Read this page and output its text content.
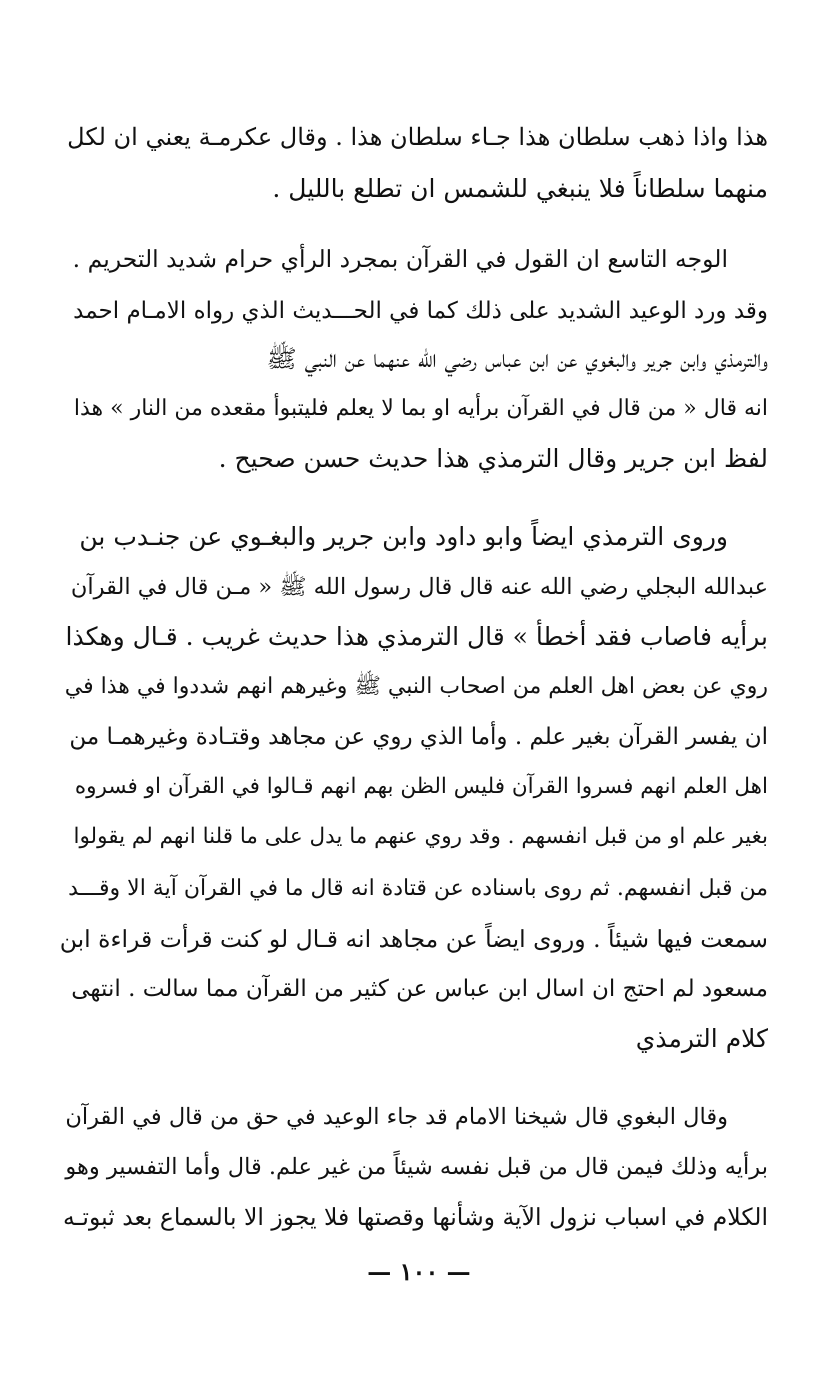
هذا واذا ذهب سلطان هذا جـاء سلطان هذا . وقال عكرمـة يعني ان لكل
منهما سلطاناً فلا ينبغي للشمس ان تطلع بالليل .
الوجه التاسع ان القول في القرآن بمجرد الرأي حرام شديد التحريم .
وقد ورد الوعيد الشديد على ذلك كما في الحـــديث الذي رواه الامـام احمد
والترمذي وابن جرير والبغوي عن ابن عباس رضي الله عنهما عن النبي ﷺ
انه قال « من قال في القرآن برأيه او بما لا يعلم فليتبوأ مقعده من النار » هذا
لفظ ابن جرير وقال الترمذي هذا حديث حسن صحيح .
وروى الترمذي ايضاً وابو داود وابن جرير والبغـوي عن جنـدب بن
عبدالله البجلي رضي الله عنه قال قال رسول الله ﷺ « مـن قال في القرآن
برأيه فاصاب فقد أخطأ » قال الترمذي هذا حديث غريب . قـال وهكذا
روي عن بعض اهل العلم من اصحاب النبي ﷺ وغيرهم انهم شددوا في هذا في
ان يفسر القرآن بغير علم . وأما الذي روي عن مجاهد وقتـادة وغيرهمـا من
اهل العلم انهم فسروا القرآن فليس الظن بهم انهم قـالوا في القرآن او فسروه
بغير علم او من قبل انفسهم . وقد روي عنهم ما يدل على ما قلنا انهم لم يقولوا
من قبل انفسهم. ثم روى باسناده عن قتادة انه قال ما في القرآن آية الا وقـــد
سمعت فيها شيئاً . وروى ايضاً عن مجاهد انه قـال لو كنت قرأت قراءة ابن
مسعود لم احتج ان اسال ابن عباس عن كثير من القرآن مما سالت . انتهى
كلام الترمذي
وقال البغوي قال شيخنا الامام قد جاء الوعيد في حق من قال في القرآن
برأيه وذلك فيمن قال من قبل نفسه شيئاً من غير علم. قال وأما التفسير وهو
الكلام في اسباب نزول الآية وشأنها وقصتها فلا يجوز الا بالسماع بعد ثبوتـه
— ١٠٠ —
